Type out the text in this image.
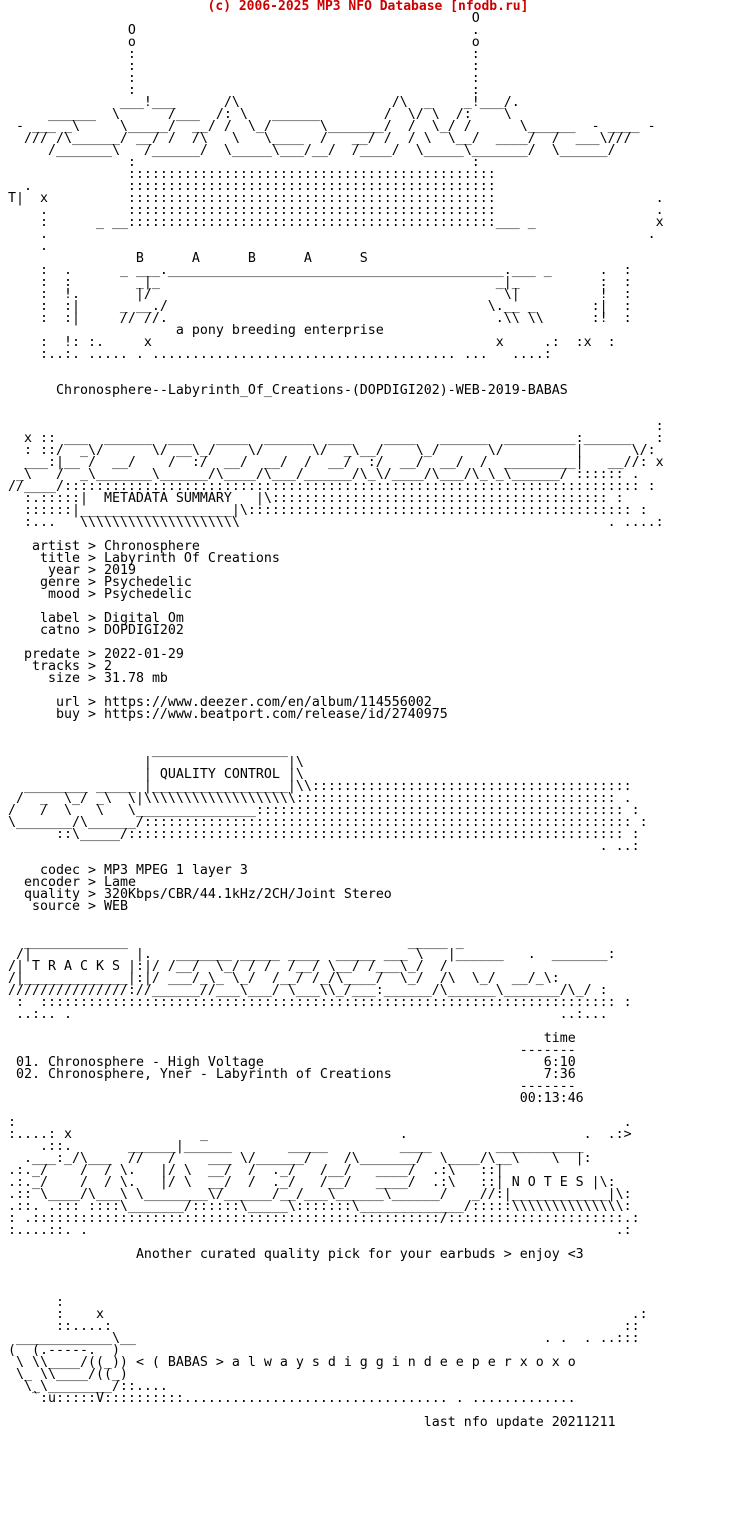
(c) 2006-2025 MP3 NFO Database [nfodb.ru]
O
O                                          .
o                                          o
:                                          :
:                                          :
:                                          :
:                                          :
___!___      /\                   /\  _    _!___/.
______  \      /___  /: \   ______        /  \/ \  /:    \
- ___ _\     \_____/  __/ /  \_/      \_______/  /  \_/ /      \______  - ____ -
/// /\______/ __/ /  /\   \   \____  /   __/ /  / \  \__/  ____/  /  ___\///
/_______\   /______/  \_____\___/__/  /____/  \_____\_______/  \______/
:                                          :
::::::::::::::::::::::::::::::::::::::::::::::
.            ::::::::::::::::::::::::::::::::::::::::::::::
T|  x          ::::::::::::::::::::::::::::::::::::::::::::::                    .
.          ::::::::::::::::::::::::::::::::::::::::::::::                    .
:      _ __::::::::::::::::::::::::::::::::::::::::::::::___ _               x
.                                                                           .
.
B      A      B      A      S
:  .      _ ___.__________________________________________.___ _      .  :
:  :        _|_                                          _|_          :  :
:  !.       |/                                            \|          !  :
:  :|     _ __./                                        \.__ _       :|  :
:  :|     // //.                                         .\\ \\      :!  :
a pony breeding enterprise
:  !: :.     x                                           x     .:  :x  :
:..:. ..... . ...................................... ...   ....:

Chronosphere--Labyrinth_Of_Creations-(DOPDIGI202)-WEB-2019-BABAS

:
x :: ___  ______  ___   ____  ______  ___    ____   ______  _________:______   :
: ::/  _\/      \/ __\_/    \/      \/  _\__/    \_/      \/         |      \/:
___:|__ /  __/    /  :/  __/  __/  /  __/  :/  __/  __/  /  _________|   __//: x
_\   /  _\_______\______/\____/\___/______/\_\/____/\___/\_\_\______/ :::::: .
//____/:::::::::::::::::::::::::::::::::::::::::::::::::::::::::::::::::::::::: :
:.:::::|  METADATA SUMMARY   |\:::::::::::::::::::::::::::::::::::::::::: :
::::::|___________________|\:::::::::::::::::::::::::::::::::::::::::::::::: :
:...   \\\\\\\\\\\\\\\\\\\\                                              . ....:

artist > Chronosphere
title > Labyrinth Of Creations
year > 2019
genre > Psychedelic
mood > Psychedelic

label > Digital Om
catno > DOPDIGI202

predate > 2022-01-29
tracks > 2
size > 31.78 mb

url > https://www.deezer.com/en/album/114556002
buy > https://www.beatport.com/release/id/2740975

_________________
|                 |\
| QUALITY CONTROL |\
________ _____ |_________________|\\::::::::::::::::::::::::::::::::::::::::
/  _  \_/ _\  \|\\\\\\\\\\\\\\\\\\\:::::::::::::::::::::::::::::::::::::::: .
/   /  \   \   \_______________:::::::::::::::::::::::::::::::::::::::::::::: :
\_______/\______/::::::::::::::::::::::::::::::::::::::::::::::::::::::::::::: :
::\_____/:::::::::::::::::::::::::::::::::::::::::::::::::::::::::::::: :
. ..:

codec > MP3 MPEG 1 layer 3
encoder > Lame
quality > 320Kbps/CBR/44.1kHz/2CH/Joint Stereo
source > WEB

_____________                                   _____ _
/|             |.   _______ _____ ____  _____ ___ \   |______   .  _______:
/| T R A C K S |:|/ /__/  \_/ / /  /__/ \__/ /___\_/  /
/|_____________|:|/ ___/_\_ \_/  /__/ /_/\____/  \_/  /\  \_/  __/_\:
///////////////://______//___\___/ \___\\_/___:______/\______\_______/\_/ :
:  :::::::::::::::::::::::::::::::::::::::::::::::::::::::::::::::::::::::: :
..:.. .                                                             ..:...

time
-------
01. Chronosphere - High Voltage	6:10
02. Chronosphere, Yner - Labyrinth of Creations	7:36
-------
00:13:46

:                                                                            .
:....: x                _                        .                      .  .:>
.::.       ______|______       _____         ____        ___________
.___:_/\___  //   /    ___ \/______/    /\_______/  \____/\__\    \  |:
.:._/    /  / \.   |/ \  __/  /  ._/   /__/   ____/  .:\   ::|
.:._/    /  / \.   |/ \  __/  /  ._/   /__/   ____/  .:\   ::| N O T E S |\:
.:: \____/\___\ \________\/______/__/___\______\______/   _//:|____________|\:
.::. .::: ::::\_______/::::::\_____\:::::::\_____________/:::::\\\\\\\\\\\\\\:
: .:::::::::::::::::::::::::::::::::::::::::::::::::::/::::::::::::::::::::::.:
:....::. .                                                                  .:

Another curated quality pick for your earbuds > enjoy <3

:
:    x                                                                  .:
::....:                                                                ::
____________\__                                                   . .  . ..:::
(  (.-----.  )
\ \\____/((_)) < ( BABAS > a l w a y s d i g g i n d e e p e r x o x o
\_ \\____/((_)
\_\________/::....
`:u:::::V::::::::::................................. . .............

last nfo update 20211211
